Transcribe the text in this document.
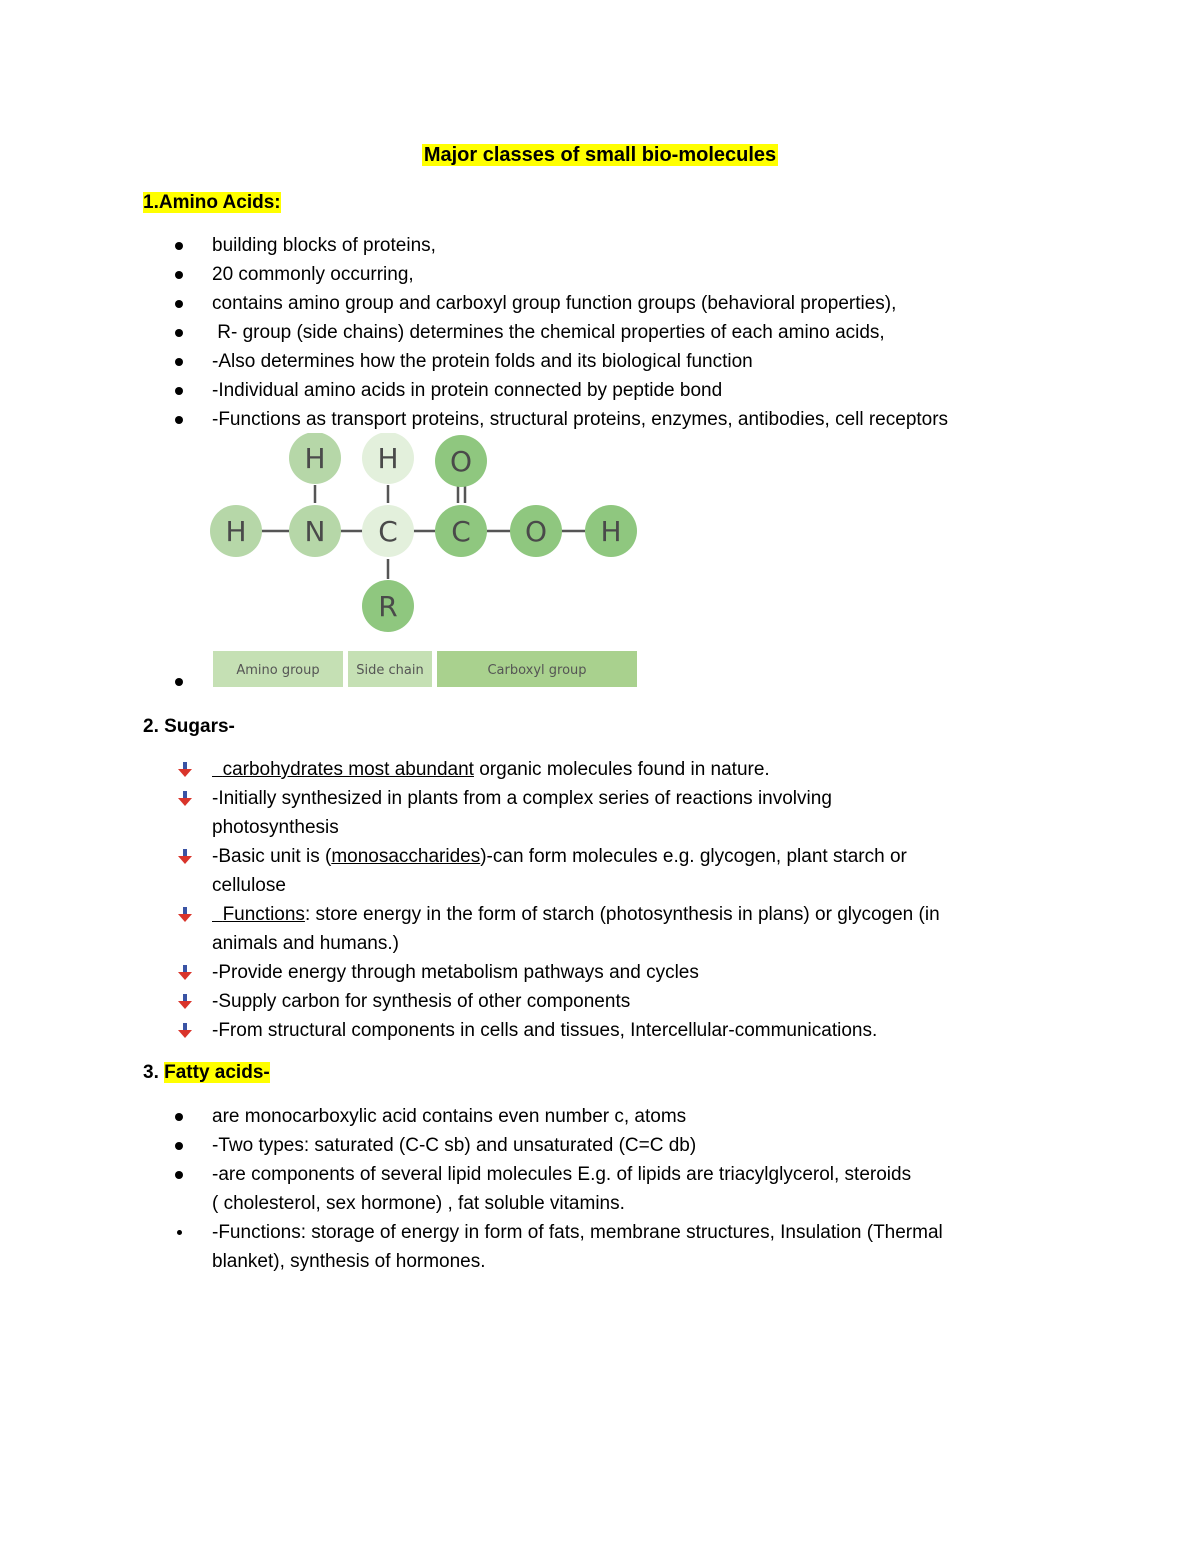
Major classes of small bio-molecules
1.Amino Acids:
building blocks of proteins,
20 commonly occurring,
contains amino group and carboxyl group function groups (behavioral properties),
R- group (side chains) determines the chemical properties of each amino acids,
-Also determines how the protein folds and its biological function
-Individual amino acids in protein connected by peptide bond
-Functions as transport proteins, structural proteins, enzymes, antibodies, cell receptors
H H O
H N C C O H
R
Amino group	Side chain	Carboxyl group
2. Sugars-
carbohydrates most abundant organic molecules found in nature.
-Initially synthesized in plants from a complex series of reactions involving
photosynthesis
-Basic unit is (monosaccharides)-can form molecules e.g. glycogen, plant starch or
cellulose
Functions: store energy in the form of starch (photosynthesis in plans) or glycogen (in
animals and humans.)
-Provide energy through metabolism pathways and cycles
-Supply carbon for synthesis of other components
-From structural components in cells and tissues, Intercellular-communications.
3. Fatty acids-
are monocarboxylic acid contains even number c, atoms
-Two types: saturated (C-C sb) and unsaturated (C=C db)
-are components of several lipid molecules E.g. of lipids are triacylglycerol, steroids
( cholesterol, sex hormone) , fat soluble vitamins.
-Functions: storage of energy in form of fats, membrane structures, Insulation (Thermal
blanket), synthesis of hormones.
